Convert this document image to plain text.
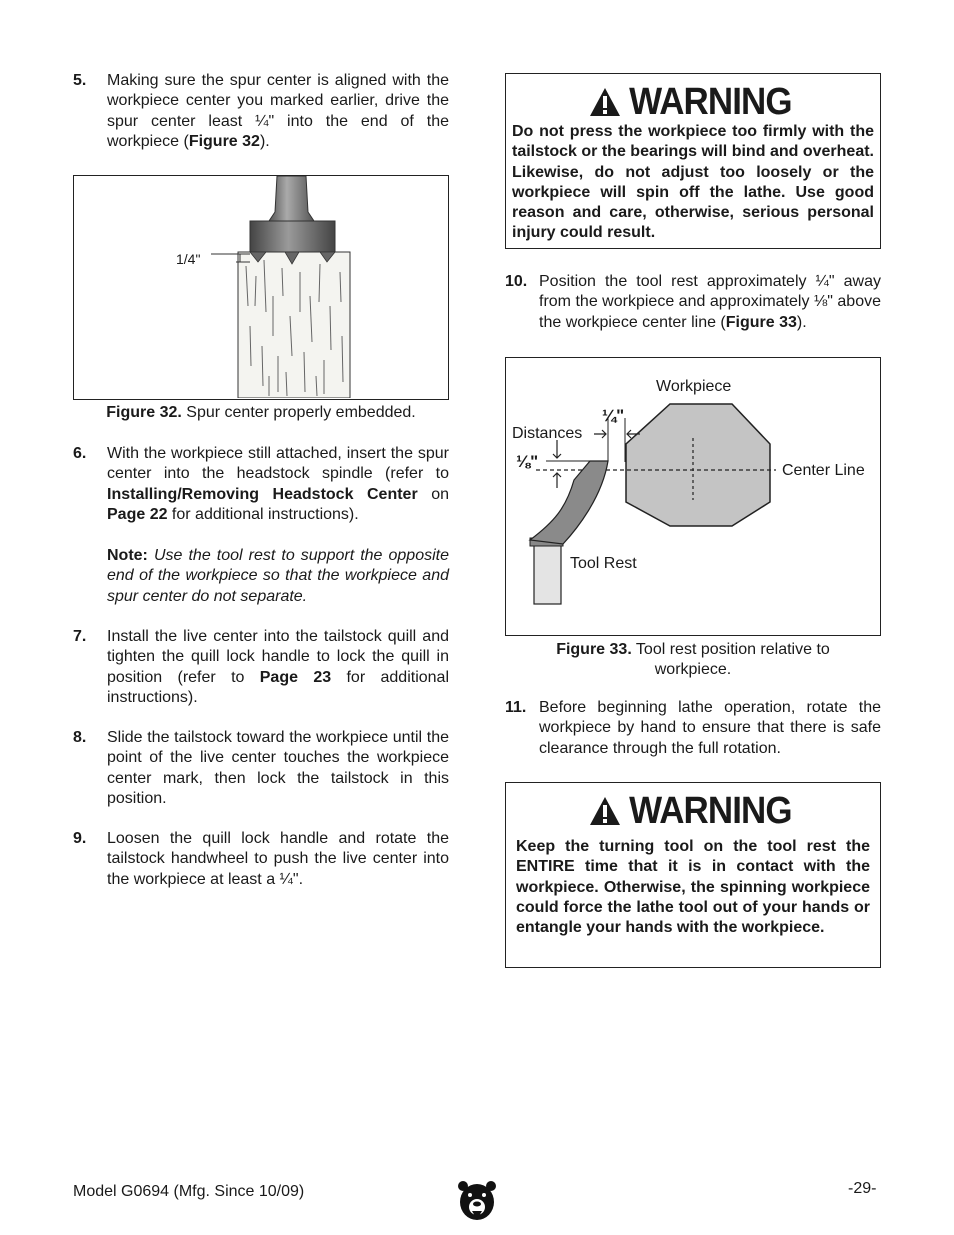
5. Making sure the spur center is aligned with the workpiece center you marked earlier, drive the spur center least ¼" into the end of the workpiece (Figure 32).
1/4"
Figure 32. Spur center properly embedded.
6. With the workpiece still attached, insert the spur center into the headstock spindle (refer to Installing/Removing Headstock Center on Page 22 for additional instructions).
Note: Use the tool rest to support the opposite end of the workpiece so that the workpiece and spur center do not separate.
7. Install the live center into the tailstock quill and tighten the quill lock handle to lock the quill in position (refer to Page 23 for additional instructions).
8. Slide the tailstock toward the workpiece until the point of the live center touches the workpiece center mark, then lock the tailstock in this position.
9. Loosen the quill lock handle and rotate the tailstock handwheel to push the live center into the workpiece at least a ¼".
WARNING
Do not press the workpiece too firmly with the tailstock or the bearings will bind and overheat. Likewise, do not adjust too loosely or the workpiece will spin off the lathe. Use good reason and care, otherwise, serious personal injury could result.
10. Position the tool rest approximately ¼" away from the workpiece and approximately ⅛" above the workpiece center line (Figure 33).
Workpiece
Distances
¼"
⅛"	Center Line
Tool Rest
Figure 33. Tool rest position relative to workpiece.
11. Before beginning lathe operation, rotate the workpiece by hand to ensure that there is safe clearance through the full rotation.
WARNING
Keep the turning tool on the tool rest the ENTIRE time that it is in contact with the workpiece. Otherwise, the spinning workpiece could force the lathe tool out of your hands or entangle your hands with the workpiece.
Model G0694 (Mfg. Since 10/09)	-29-
